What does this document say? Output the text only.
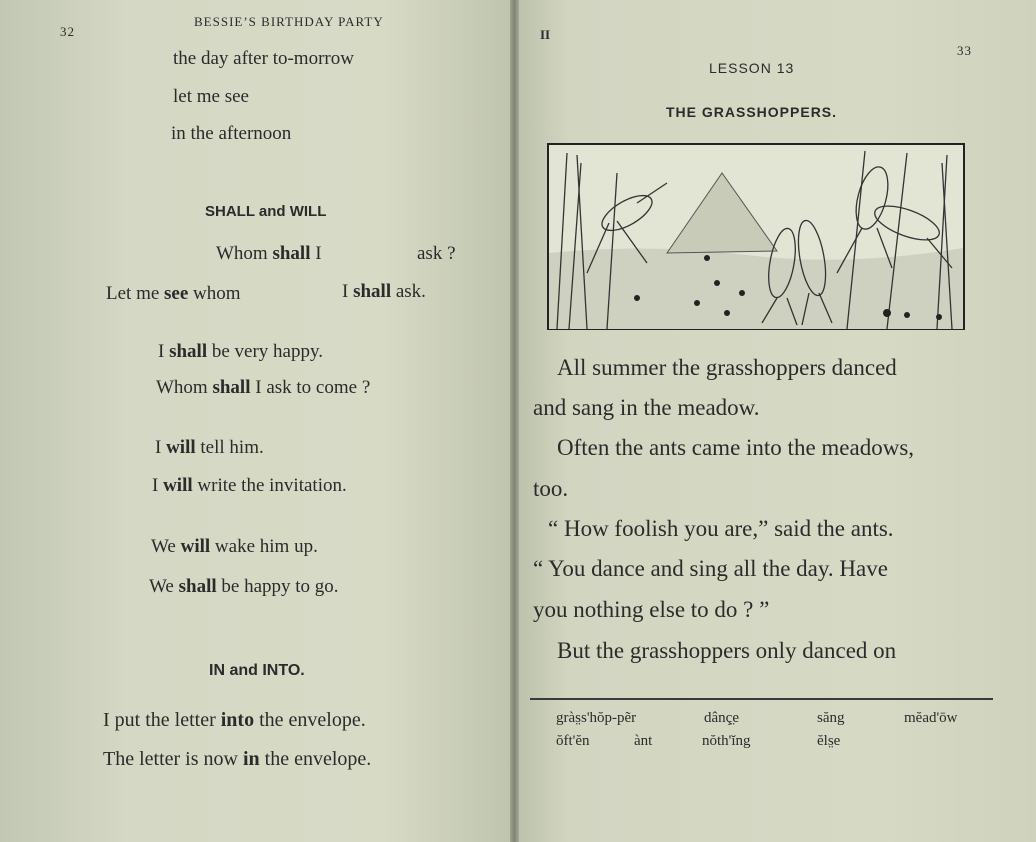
32
BESSIE’S BIRTHDAY PARTY
the day after to-morrow
let me see
in the afternoon
SHALL and WILL
Whom shall I	ask ?
Let me see whom	I shall ask.
I shall be very happy.
Whom shall I ask to come ?
I will tell him.
I will write the invitation.
We will wake him up.
We shall be happy to go.
IN and INTO.
I put the letter into the envelope.
The letter is now in the envelope.
II
33
LESSON 13
THE GRASSHOPPERS.
All summer the grasshoppers danced
and sang in the meadow.
Often the ants came into the meadows,
too.
“ How foolish you are,” said the ants.
“ You dance and sing all the day. Have
you nothing else to do ? ”
But the grasshoppers only danced on
gràs̤s'hŏp-pẽr	dânç̤e	săng	mĕad'ōw
ŏft'ĕn	ànt	nŏth'ĭng	ĕls̤e
